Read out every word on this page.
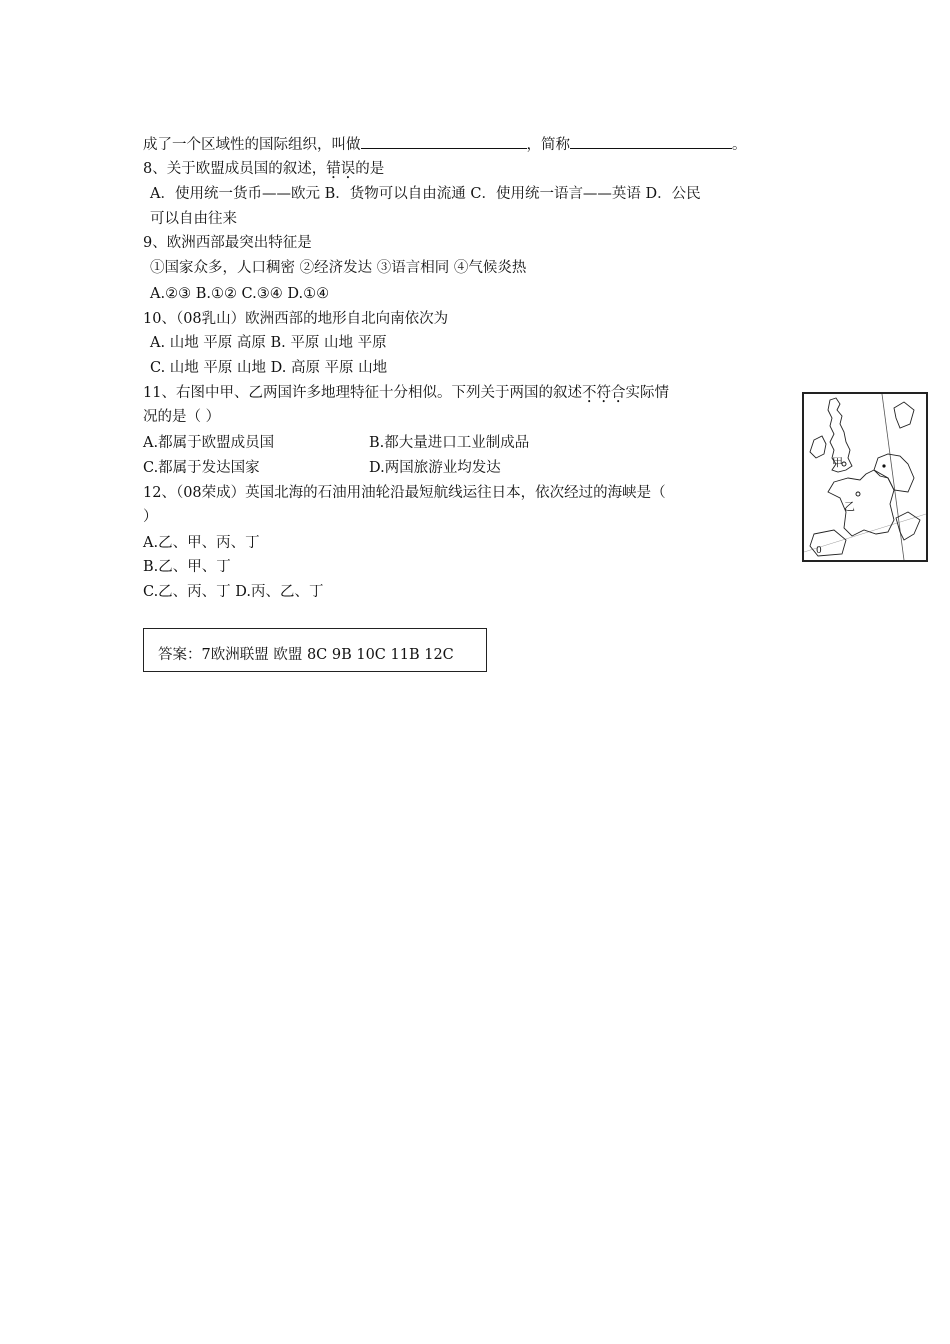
成了一个区域性的国际组织，叫做	，简称	。
8、关于欧盟成员国的叙述，错误的是
A．使用统一货币——欧元 B．货物可以自由流通 C．使用统一语言——英语 D．公民
可以自由往来
9、欧洲西部最突出特征是
①国家众多，人口稠密 ②经济发达 ③语言相同 ④气候炎热
A.②③ B.①② C.③④ D.①④
10、（08乳山）欧洲西部的地形自北向南依次为
A. 山地 平原 高原 B. 平原 山地 平原
C. 山地 平原 山地 D. 高原 平原 山地
11、右图中甲、乙两国许多地理特征十分相似。下列关于两国的叙述不符合实际情
况的是（ ）
A.都属于欧盟成员国	B.都大量进口工业制成品
C.都属于发达国家	D.两国旅游业均发达
12、（08荣成）英国北海的石油用油轮沿最短航线运往日本，依次经过的海峡是（
）
A.乙、甲、丙、丁
B.乙、甲、丁
C.乙、丙、丁 D.丙、乙、丁
甲
乙
0
答案：7欧洲联盟 欧盟 8C 9B 10C 11B 12C
